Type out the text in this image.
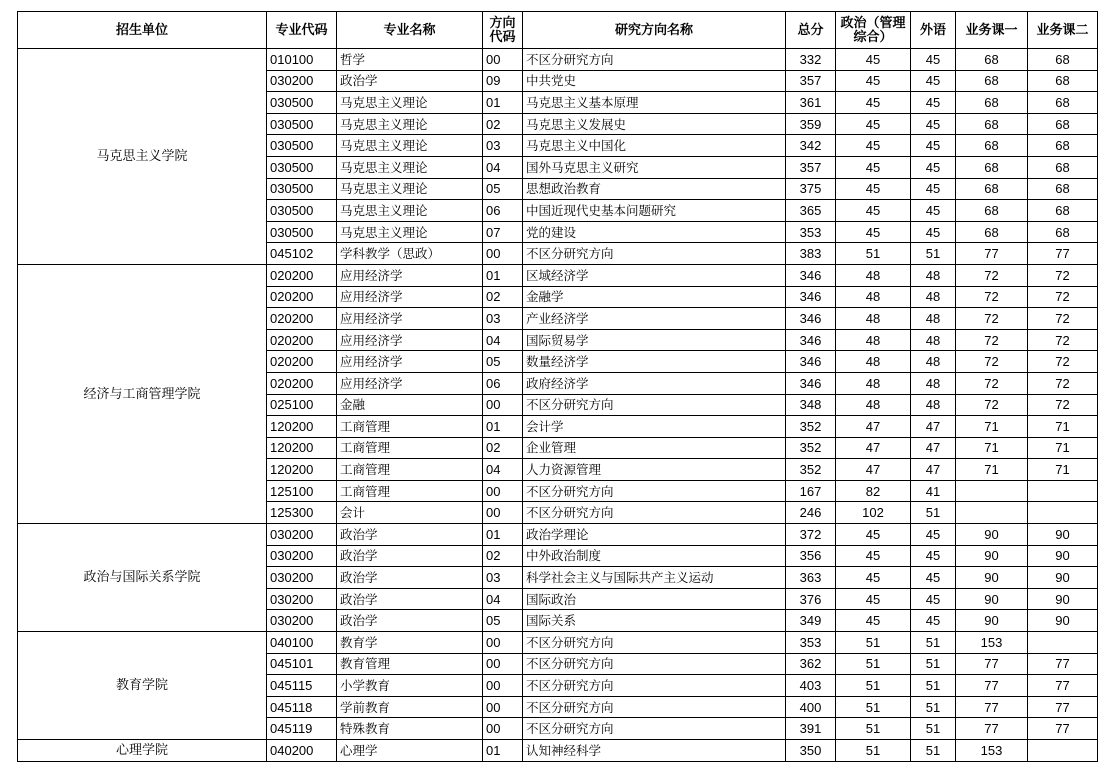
招生单位	专业代码	专业名称	方向代码	研究方向名称	总分	政治（管理综合）	外语	业务课一	业务课二
马克思主义学院	010100	哲学	00	不区分研究方向	332	45	45	68	68
	030200	政治学	09	中共党史	357	45	45	68	68
	030500	马克思主义理论	01	马克思主义基本原理	361	45	45	68	68
	030500	马克思主义理论	02	马克思主义发展史	359	45	45	68	68
	030500	马克思主义理论	03	马克思主义中国化	342	45	45	68	68
	030500	马克思主义理论	04	国外马克思主义研究	357	45	45	68	68
	030500	马克思主义理论	05	思想政治教育	375	45	45	68	68
	030500	马克思主义理论	06	中国近现代史基本问题研究	365	45	45	68	68
	030500	马克思主义理论	07	党的建设	353	45	45	68	68
	045102	学科教学（思政）	00	不区分研究方向	383	51	51	77	77
经济与工商管理学院	020200	应用经济学	01	区域经济学	346	48	48	72	72
	020200	应用经济学	02	金融学	346	48	48	72	72
	020200	应用经济学	03	产业经济学	346	48	48	72	72
	020200	应用经济学	04	国际贸易学	346	48	48	72	72
	020200	应用经济学	05	数量经济学	346	48	48	72	72
	020200	应用经济学	06	政府经济学	346	48	48	72	72
	025100	金融	00	不区分研究方向	348	48	48	72	72
	120200	工商管理	01	会计学	352	47	47	71	71
	120200	工商管理	02	企业管理	352	47	47	71	71
	120200	工商管理	04	人力资源管理	352	47	47	71	71
	125100	工商管理	00	不区分研究方向	167	82	41		
	125300	会计	00	不区分研究方向	246	102	51		
政治与国际关系学院	030200	政治学	01	政治学理论	372	45	45	90	90
	030200	政治学	02	中外政治制度	356	45	45	90	90
	030200	政治学	03	科学社会主义与国际共产主义运动	363	45	45	90	90
	030200	政治学	04	国际政治	376	45	45	90	90
	030200	政治学	05	国际关系	349	45	45	90	90
教育学院	040100	教育学	00	不区分研究方向	353	51	51	153	
	045101	教育管理	00	不区分研究方向	362	51	51	77	77
	045115	小学教育	00	不区分研究方向	403	51	51	77	77
	045118	学前教育	00	不区分研究方向	400	51	51	77	77
	045119	特殊教育	00	不区分研究方向	391	51	51	77	77
心理学院	040200	心理学	01	认知神经科学	350	51	51	153	
